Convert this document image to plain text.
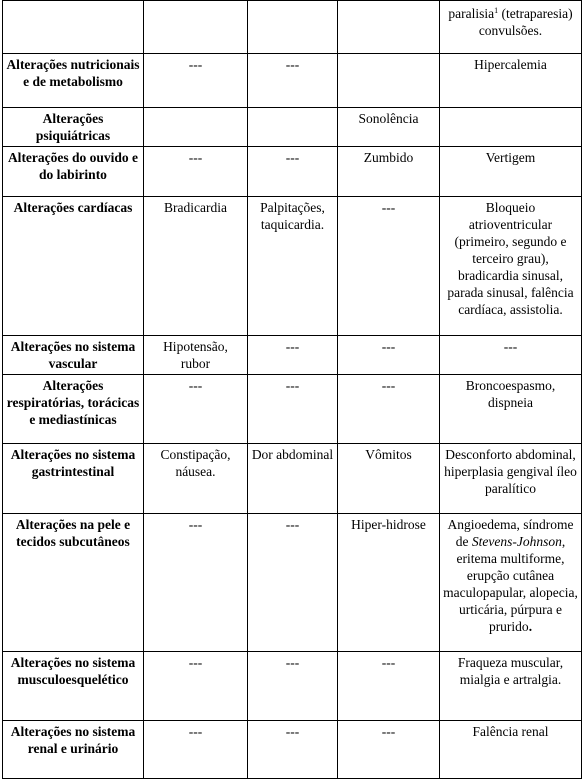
				paralisia$^1$ (tetraparesia) convulsões.
Alterações nutricionais e de metabolismo	---	---		Hipercalemia
Alterações psiquiátricas			Sonolência	
Alterações do ouvido e do labirinto	---	---	Zumbido	Vertigem
Alterações cardíacas	Bradicardia	Palpitações, taquicardia.	---	Bloqueio atrioventricular (primeiro, segundo e terceiro grau), bradicardia sinusal, parada sinusal, falência cardíaca, assistolia.
Alterações no sistema vascular	Hipotensão, rubor	---	---	---
Alterações respiratórias, torácicas e mediastínicas	---	---	---	Broncoespasmo, dispneia
Alterações no sistema gastrintestinal	Constipação, náusea.	Dor abdominal	Vômitos	Desconforto abdominal, hiperplasia gengival íleo paralítico
Alterações na pele e tecidos subcutâneos	---	---	Hiper-hidrose	Angioedema, síndrome de Stevens-Johnson, eritema multiforme, erupção cutânea maculopapular, alopecia, urticária, púrpura e prurido.
Alterações no sistema musculoesquelético	---	---	---	Fraqueza muscular, mialgia e artralgia.
Alterações no sistema renal e urinário	---	---	---	Falência renal
